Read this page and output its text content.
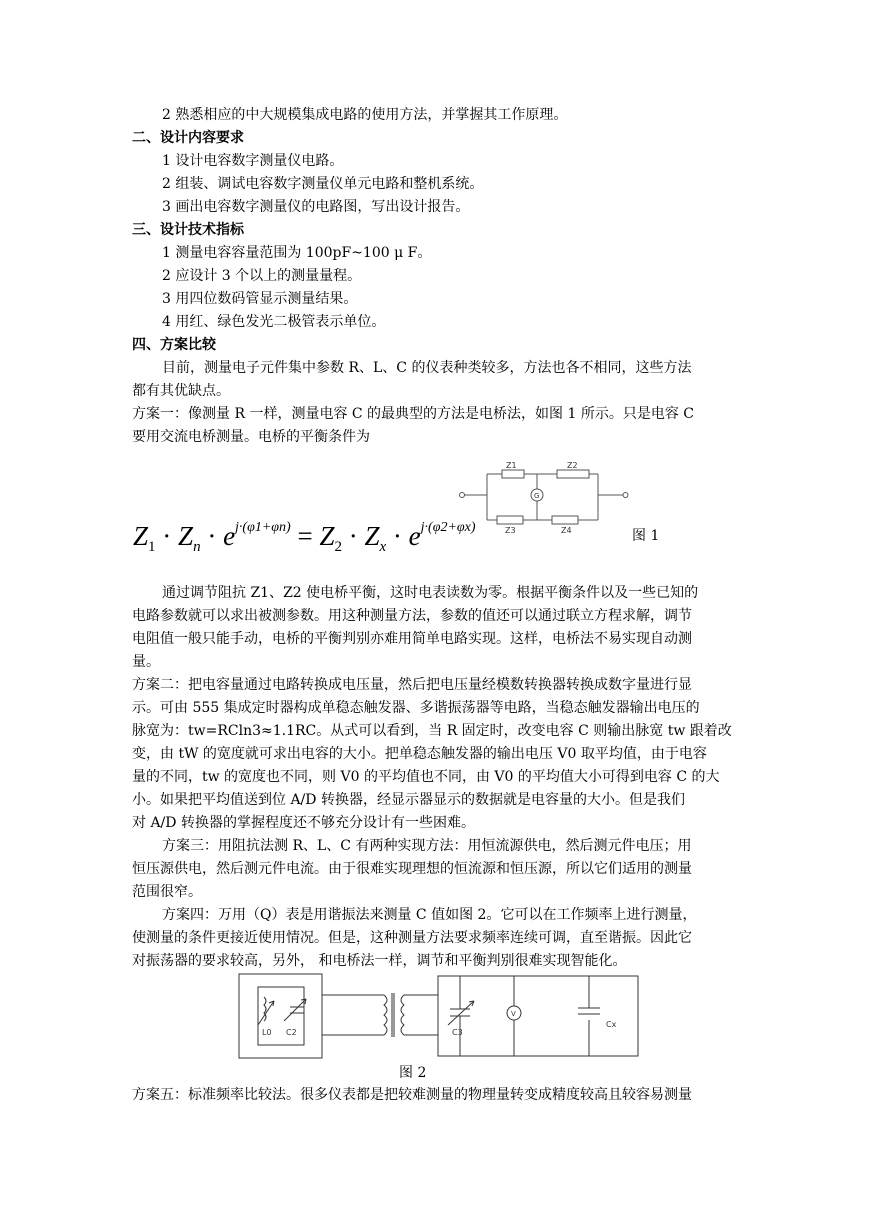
2 熟悉相应的中大规模集成电路的使用方法，并掌握其工作原理。
二、设计内容要求
1 设计电容数字测量仪电路。
2 组装、调试电容数字测量仪单元电路和整机系统。
3 画出电容数字测量仪的电路图，写出设计报告。
三、设计技术指标
1 测量电容容量范围为 100pF~100 μ F。
2 应设计 3 个以上的测量量程。
3 用四位数码管显示测量结果。
4 用红、绿色发光二极管表示单位。
四、方案比较
目前，测量电子元件集中参数 R、L、C 的仪表种类较多，方法也各不相同，这些方法
都有其优缺点。
方案一：像测量 R 一样，测量电容 C 的最典型的方法是电桥法，如图 1 所示。只是电容 C
要用交流电桥测量。电桥的平衡条件为
$Z_1 \cdot Z_n \cdot e^{j\cdot(\varphi 1+\varphi n)} = Z_2 \cdot Z_x \cdot e^{j\cdot(\varphi 2+\varphi x)}$
Z1	Z2
G
Z3	Z4	图 1
通过调节阻抗 Z1、Z2 使电桥平衡，这时电表读数为零。根据平衡条件以及一些已知的
电路参数就可以求出被测参数。用这种测量方法，参数的值还可以通过联立方程求解，调节
电阻值一般只能手动，电桥的平衡判别亦难用简单电路实现。这样，电桥法不易实现自动测
量。
方案二：把电容量通过电路转换成电压量，然后把电压量经模数转换器转换成数字量进行显
示。可由 555 集成定时器构成单稳态触发器、多谐振荡器等电路，当稳态触发器输出电压的
脉宽为：tw=RCln3≈1.1RC。从式可以看到，当 R 固定时，改变电容 C 则输出脉宽 tw 跟着改
变，由 tW 的宽度就可求出电容的大小。把单稳态触发器的输出电压 V0 取平均值，由于电容
量的不同，tw 的宽度也不同，则 V0 的平均值也不同，由 V0 的平均值大小可得到电容 C 的大
小。如果把平均值送到位 A/D 转换器，经显示器显示的数据就是电容量的大小。但是我们
对 A/D 转换器的掌握程度还不够充分设计有一些困难。
方案三：用阻抗法测 R、L、C 有两种实现方法：用恒流源供电，然后测元件电压；用
恒压源供电，然后测元件电流。由于很难实现理想的恒流源和恒压源，所以它们适用的测量
范围很窄。
方案四：万用（Q）表是用谐振法来测量 C 值如图 2。它可以在工作频率上进行测量，
使测量的条件更接近使用情况。但是，这种测量方法要求频率连续可调，直至谐振。因此它
对振荡器的要求较高，另外， 和电桥法一样，调节和平衡判别很难实现智能化。
L0 C2	C3
V
Cx
图 2
方案五：标准频率比较法。很多仪表都是把较难测量的物理量转变成精度较高且较容易测量
